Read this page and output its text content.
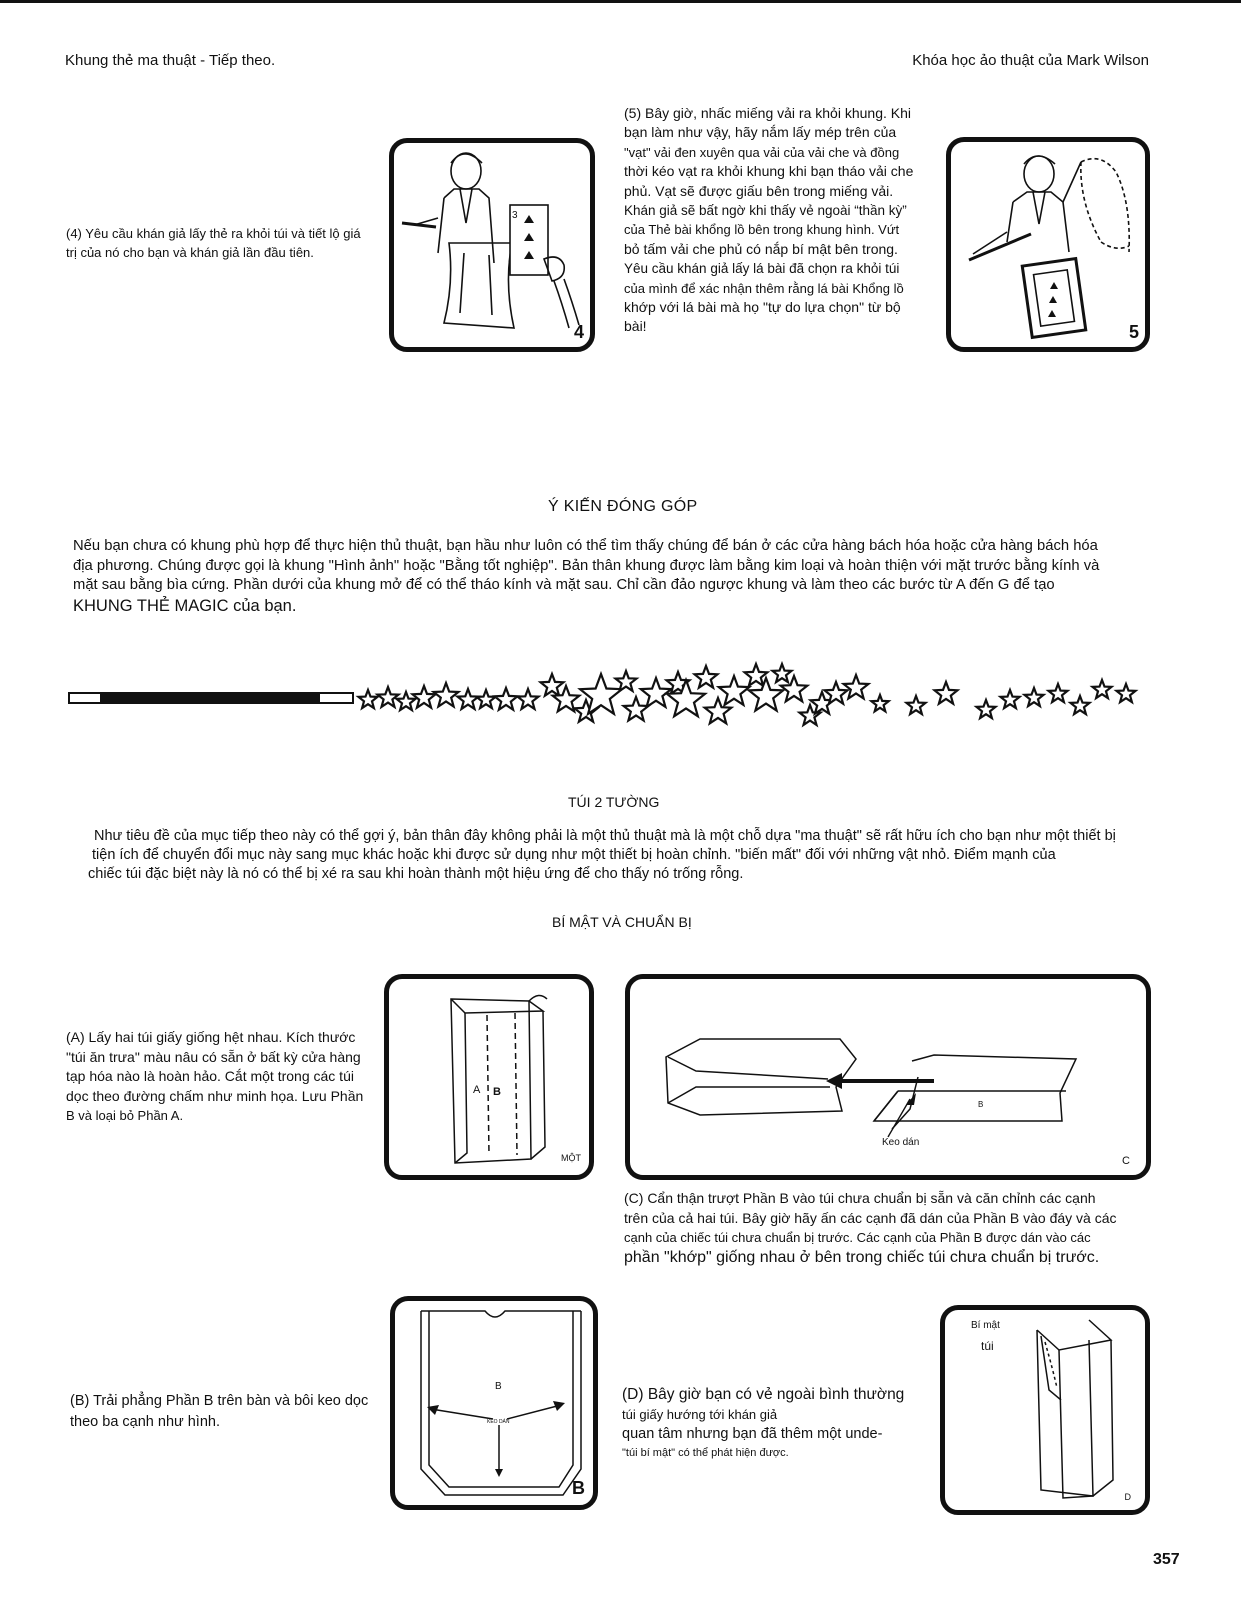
Khung thẻ ma thuật - Tiếp theo.	Khóa học ảo thuật của Mark Wilson
(4) Yêu cầu khán giả lấy thẻ ra khỏi túi và tiết lộ giá trị của nó cho bạn và khán giả lần đầu tiên.
3
4
(5) Bây giờ, nhấc miếng vải ra khỏi khung. Khi
bạn làm như vậy, hãy nắm lấy mép trên của
"vạt" vải đen xuyên qua vải của vải che và đồng
thời kéo vạt ra khỏi khung khi bạn tháo vải che
phủ. Vạt sẽ được giấu bên trong miếng vải.
Khán giả sẽ bất ngờ khi thấy vẻ ngoài “thần kỳ”
của Thẻ bài khổng lồ bên trong khung hình. Vứt
bỏ tấm vải che phủ có nắp bí mật bên trong.
Yêu cầu khán giả lấy lá bài đã chọn ra khỏi túi
của mình để xác nhận thêm rằng lá bài Khổng lồ
khớp với lá bài mà họ "tự do lựa chọn" từ bộ
bài!	5
Ý KIẾN ĐÓNG GÓP
Nếu bạn chưa có khung phù hợp để thực hiện thủ thuật, bạn hầu như luôn có thể tìm thấy chúng để bán ở các cửa hàng bách hóa hoặc cửa hàng bách hóa
địa phương. Chúng được gọi là khung "Hình ảnh" hoặc "Bằng tốt nghiệp". Bản thân khung được làm bằng kim loại và hoàn thiện với mặt trước bằng kính và
mặt sau bằng bìa cứng. Phần dưới của khung mở để có thể tháo kính và mặt sau. Chỉ cần đảo ngược khung và làm theo các bước từ A đến G để tạo
KHUNG THẺ MAGIC của bạn.
TÚI 2 TƯỜNG
Như tiêu đề của mục tiếp theo này có thể gợi ý, bản thân đây không phải là một thủ thuật mà là một chỗ dựa "ma thuật" sẽ rất hữu ích cho bạn như một thiết bị
tiện ích để chuyển đổi mục này sang mục khác hoặc khi được sử dụng như một thiết bị hoàn chỉnh. "biến mất" đối với những vật nhỏ. Điểm mạnh của
chiếc túi đặc biệt này là nó có thể bị xé ra sau khi hoàn thành một hiệu ứng để cho thấy nó trống rỗng.
BÍ MẬT VÀ CHUẨN BỊ
(A) Lấy hai túi giấy giống hệt nhau. Kích thước
"túi ăn trưa" màu nâu có sẵn ở bất kỳ cửa hàng
tạp hóa nào là hoàn hảo. Cắt một trong các túi
dọc theo đường chấm như minh họa. Lưu Phần
B và loại bỏ Phần A.
A B
MỘT
B
Keo dán
C
(C) Cẩn thận trượt Phần B vào túi chưa chuẩn bị sẵn và căn chỉnh các cạnh
trên của cả hai túi. Bây giờ hãy ấn các cạnh đã dán của Phần B vào đáy và các
cạnh của chiếc túi chưa chuẩn bị trước. Các cạnh của Phần B được dán vào các
phần "khớp" giống nhau ở bên trong chiếc túi chưa chuẩn bị trước.
(B) Trải phẳng Phần B trên bàn và bôi keo dọc
theo ba cạnh như hình.
B
KEO DÁN
B
(D) Bây giờ bạn có vẻ ngoài bình thường
túi giấy hướng tới khán giả
quan tâm nhưng bạn đã thêm một unde-
"túi bí mật" có thể phát hiện được.
Bí mật
túi
D
357
